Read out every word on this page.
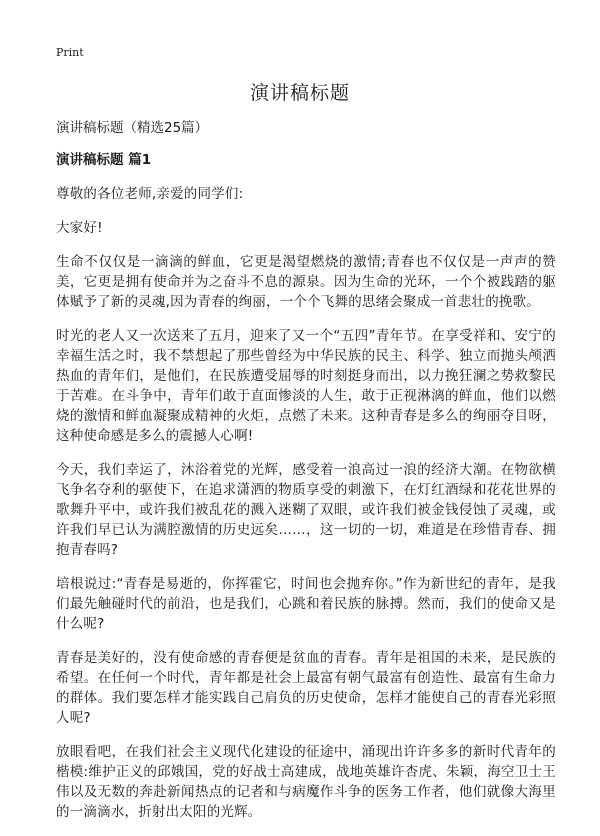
Print
演讲稿标题

演讲稿标题（精选25篇）

演讲稿标题 篇1

尊敬的各位老师,亲爱的同学们:

大家好!

生命不仅仅是一滴滴的鲜血，它更是渴望燃烧的激情;青春也不仅仅是一声声的赞美，它更是拥有使命并为之奋斗不息的源泉。因为生命的光环，一个个被践踏的躯体赋予了新的灵魂,因为青春的绚丽，一个个飞舞的思绪会聚成一首悲壮的挽歌。

时光的老人又一次送来了五月，迎来了又一个“五四”青年节。在享受祥和、安宁的幸福生活之时，我不禁想起了那些曾经为中华民族的民主、科学、独立而抛头颅洒热血的青年们，是他们，在民族遭受屈辱的时刻挺身而出，以力挽狂澜之势救黎民于苦难。在斗争中，青年们敢于直面惨淡的人生，敢于正视淋漓的鲜血，他们以燃烧的激情和鲜血凝聚成精神的火炬，点燃了未来。这种青春是多么的绚丽夺目呀，这种使命感是多么的震撼人心啊!

今天，我们幸运了，沐浴着党的光辉，感受着一浪高过一浪的经济大潮。在物欲横飞争名夺利的驱使下，在追求潇洒的物质享受的刺激下，在灯红酒绿和花花世界的歌舞升平中，或许我们被乱花的溅入迷糊了双眼，或许我们被金钱侵蚀了灵魂，或许我们早已认为满腔激情的历史远矣……，这一切的一切，难道是在珍惜青春、拥抱青春吗?

培根说过:“青春是易逝的，你挥霍它，时间也会抛弃你。”作为新世纪的青年，是我们最先触碰时代的前沿，也是我们，心跳和着民族的脉搏。然而，我们的使命又是什么呢?

青春是美好的，没有使命感的青春便是贫血的青春。青年是祖国的未来，是民族的希望。在任何一个时代，青年都是社会上最富有朝气最富有创造性、最富有生命力的群体。我们要怎样才能实践自己肩负的历史使命，怎样才能使自己的青春光彩照人呢?

放眼看吧，在我们社会主义现代化建设的征途中，涌现出许许多多的新时代青年的楷模:维护正义的邱娥国，党的好战士高建成，战地英雄许杏虎、朱颖，海空卫士王伟以及无数的奔赴新闻热点的记者和与病魔作斗争的医务工作者，他们就像大海里的一滴滴水，折射出太阳的光辉。
